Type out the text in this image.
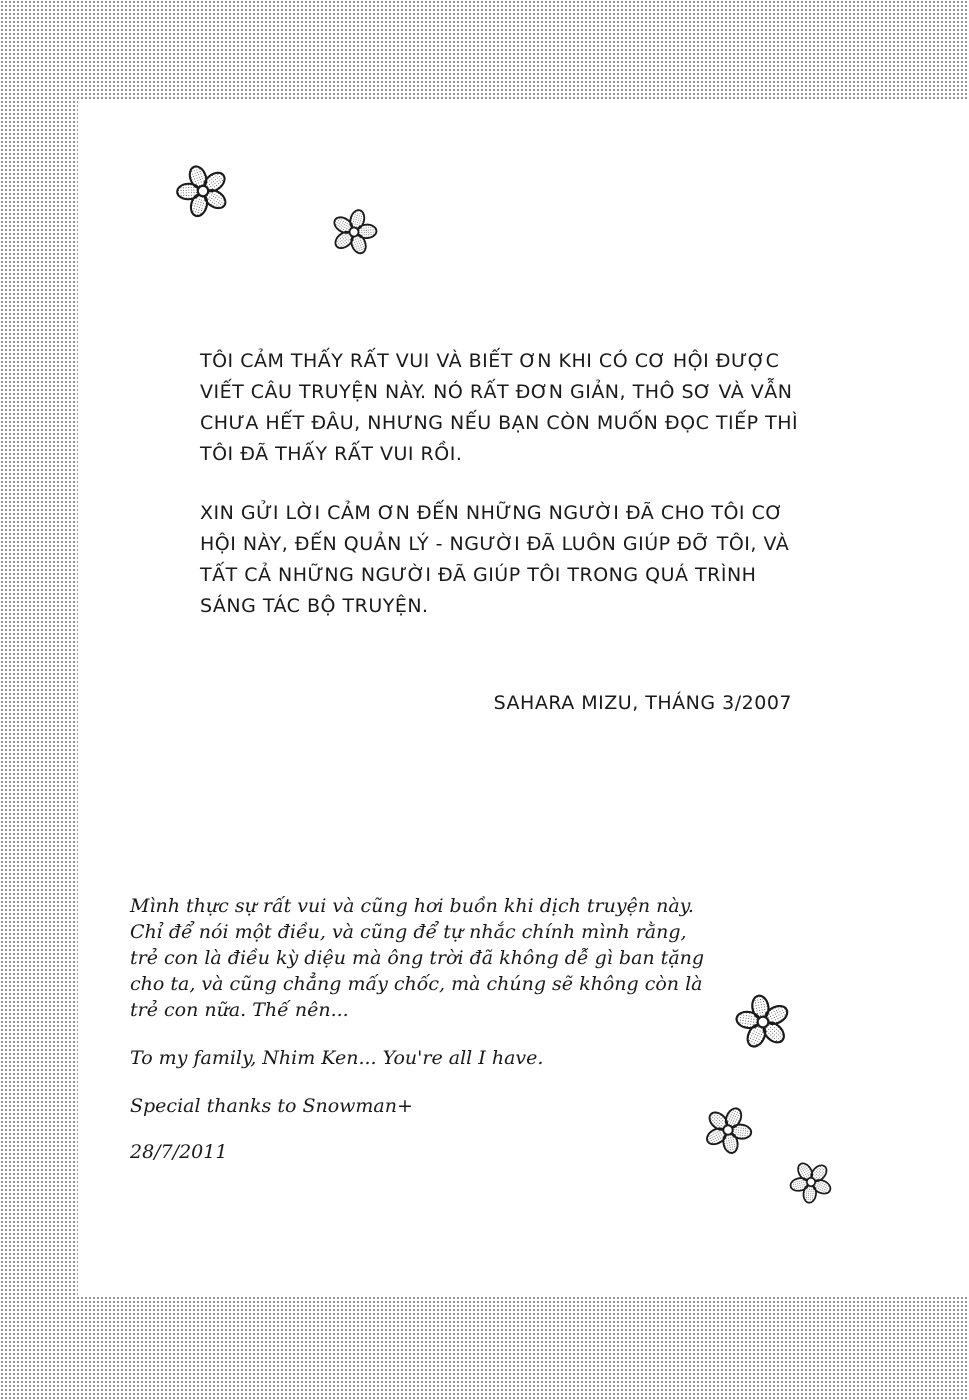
TÔI CẢM THẤY RẤT VUI VÀ BIẾT ƠN KHI CÓ CƠ HỘI ĐƯỢC VIẾT CÂU TRUYỆN NÀY. NÓ RẤT ĐƠN GIẢN, THÔ SƠ VÀ VẪN CHƯA HẾT ĐÂU, NHƯNG NẾU BẠN CÒN MUỐN ĐỌC TIẾP THÌ TÔI ĐÃ THẤY RẤT VUI RỒI.

XIN GỬI LỜI CẢM ƠN ĐẾN NHỮNG NGƯỜI ĐÃ CHO TÔI CƠ HỘI NÀY, ĐẾN QUẢN LÝ - NGƯỜI ĐÃ LUÔN GIÚP ĐỠ TÔI, VÀ TẤT CẢ NHỮNG NGƯỜI ĐÃ GIÚP TÔI TRONG QUÁ TRÌNH SÁNG TÁC BỘ TRUYỆN.

SAHARA MIZU, THÁNG 3/2007

Mình thực sự rất vui và cũng hơi buồn khi dịch truyện này. Chỉ để nói một điều, và cũng để tự nhắc chính mình rằng, trẻ con là điều kỳ diệu mà ông trời đã không dễ gì ban tặng cho ta, và cũng chẳng mấy chốc, mà chúng sẽ không còn là trẻ con nữa. Thế nên...

To my family, Nhim Ken... You're all I have.

Special thanks to Snowman+

28/7/2011
